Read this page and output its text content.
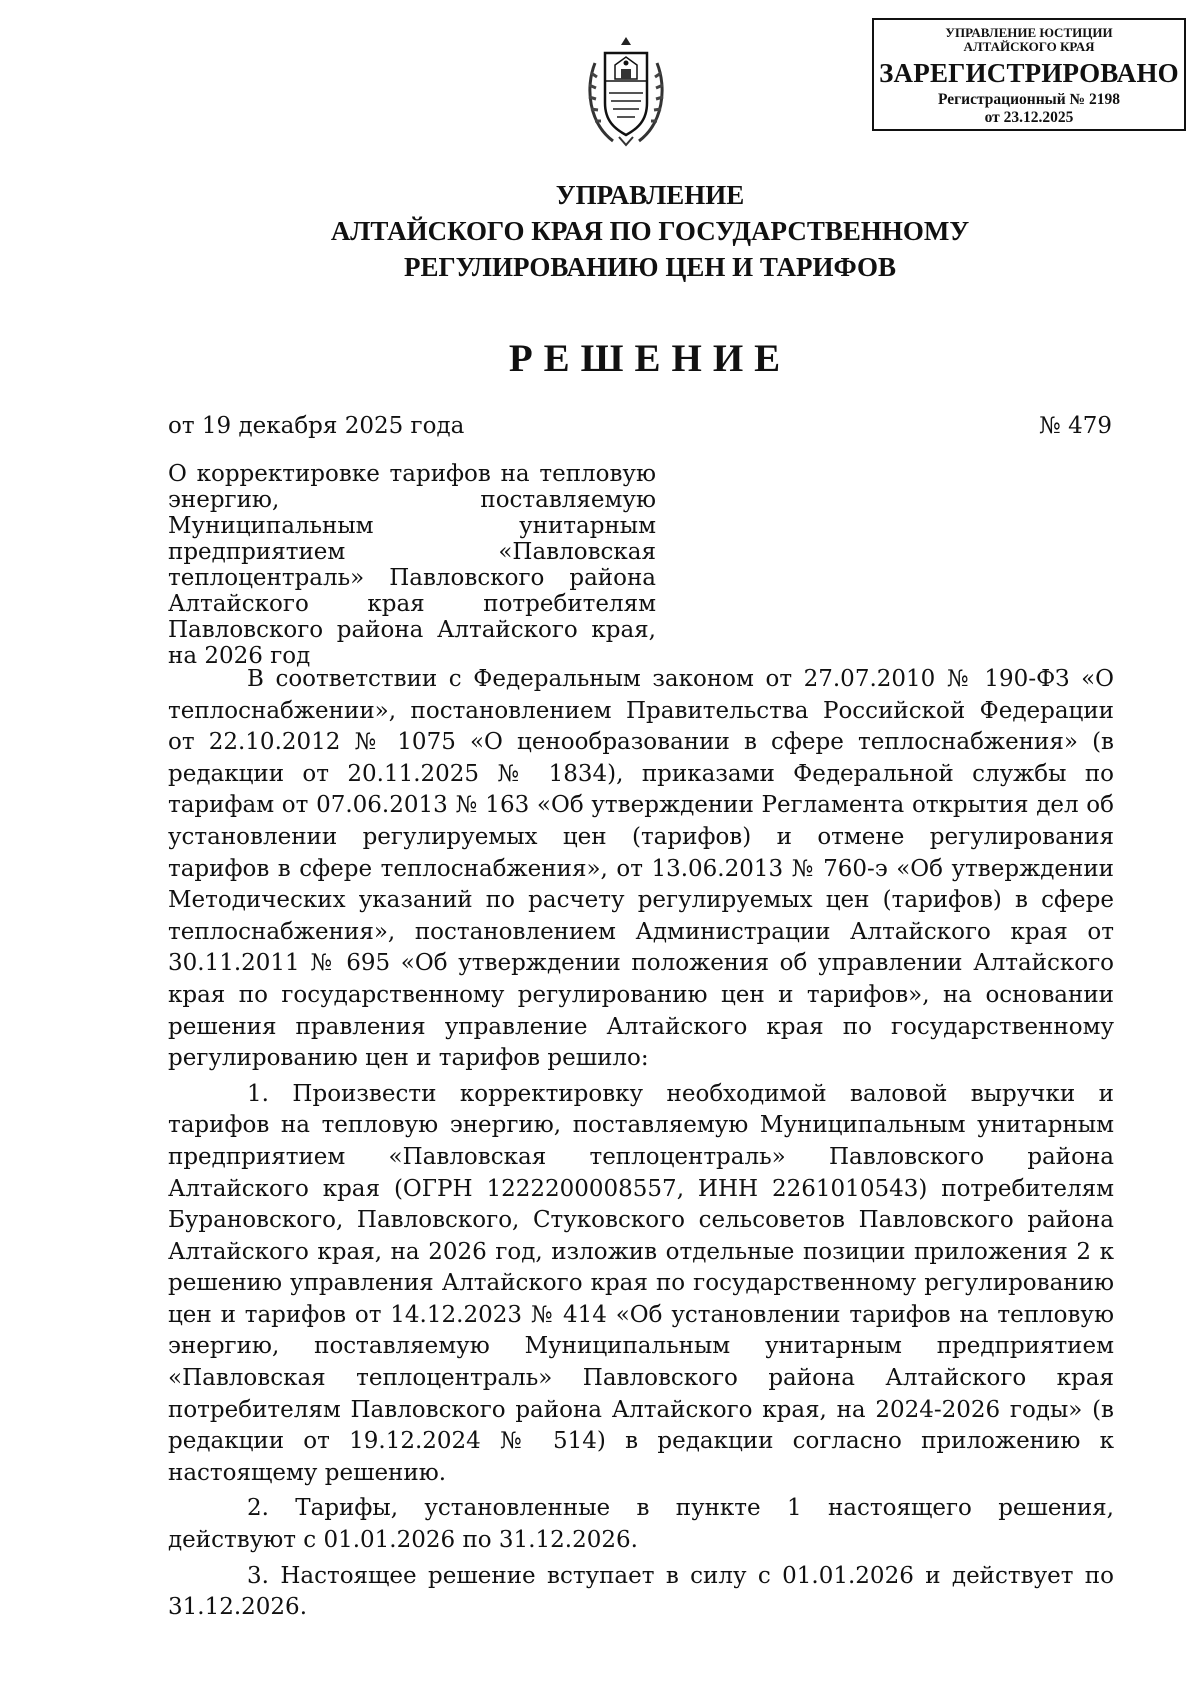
УПРАВЛЕНИЕ ЮСТИЦИИ
АЛТАЙСКОГО КРАЯ
ЗАРЕГИСТРИРОВАНО
Регистрационный № 2198
от 23.12.2025
УПРАВЛЕНИЕ
АЛТАЙСКОГО КРАЯ ПО ГОСУДАРСТВЕННОМУ
РЕГУЛИРОВАНИЮ ЦЕН И ТАРИФОВ
РЕШЕНИЕ
от 19 декабря 2025 года	№ 479
О корректировке тарифов на тепловую энергию, поставляемую Муниципальным унитарным предприятием «Павловская теплоцентраль» Павловского района Алтайского края потребителям Павловского района Алтайского края, на 2026 год

В соответствии с Федеральным законом от 27.07.2010 № 190-ФЗ «О теплоснабжении», постановлением Правительства Российской Федерации от 22.10.2012 № 1075 «О ценообразовании в сфере теплоснабжения» (в редакции от 20.11.2025 № 1834), приказами Федеральной службы по тарифам от 07.06.2013 № 163 «Об утверждении Регламента открытия дел об установлении регулируемых цен (тарифов) и отмене регулирования тарифов в сфере теплоснабжения», от 13.06.2013 № 760-э «Об утверждении Методических указаний по расчету регулируемых цен (тарифов) в сфере теплоснабжения», постановлением Администрации Алтайского края от 30.11.2011 № 695 «Об утверждении положения об управлении Алтайского края по государственному регулированию цен и тарифов», на основании решения правления управление Алтайского края по государственному регулированию цен и тарифов решило:

1. Произвести корректировку необходимой валовой выручки и тарифов на тепловую энергию, поставляемую Муниципальным унитарным предприятием «Павловская теплоцентраль» Павловского района Алтайского края (ОГРН 1222200008557, ИНН 2261010543) потребителям Бурановского, Павловского, Стуковского сельсоветов Павловского района Алтайского края, на 2026 год, изложив отдельные позиции приложения 2 к решению управления Алтайского края по государственному регулированию цен и тарифов от 14.12.2023 № 414 «Об установлении тарифов на тепловую энергию, поставляемую Муниципальным унитарным предприятием «Павловская теплоцентраль» Павловского района Алтайского края потребителям Павловского района Алтайского края, на 2024-2026 годы» (в редакции от 19.12.2024 № 514) в редакции согласно приложению к настоящему решению.

2. Тарифы, установленные в пункте 1 настоящего решения, действуют с 01.01.2026 по 31.12.2026.

3. Настоящее решение вступает в силу с 01.01.2026 и действует по 31.12.2026.
